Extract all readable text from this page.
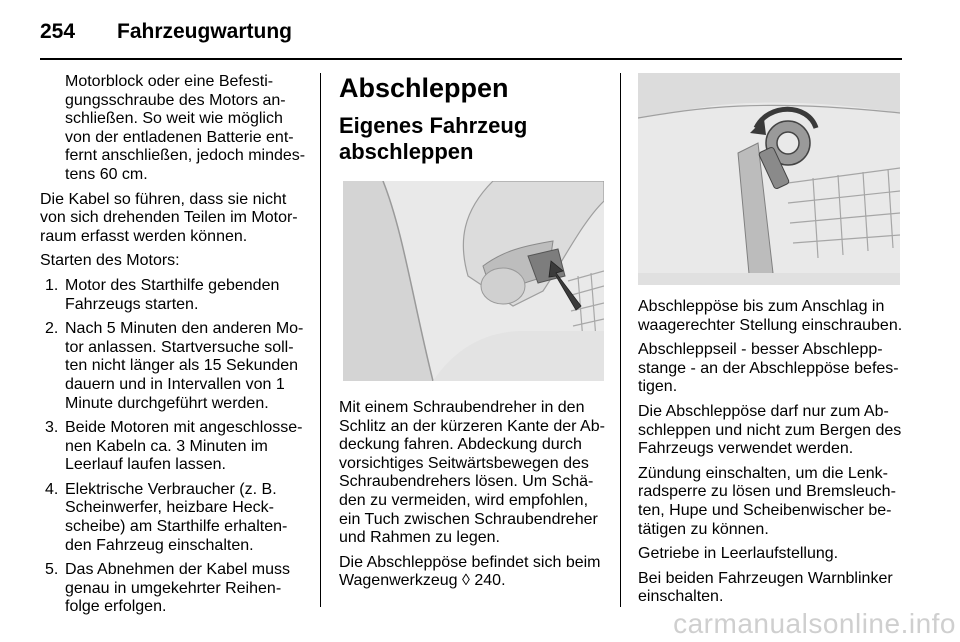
254 Fahrzeugwartung

Motorblock oder eine Befestigungsschraube des Motors anschließen. So weit wie möglich von der entladenen Batterie entfernt anschließen, jedoch mindestens 60 cm.

Die Kabel so führen, dass sie nicht von sich drehenden Teilen im Motorraum erfasst werden können.

Starten des Motors:

1. Motor des Starthilfe gebenden Fahrzeugs starten.
2. Nach 5 Minuten den anderen Motor anlassen. Startversuche sollten nicht länger als 15 Sekunden dauern und in Intervallen von 1 Minute durchgeführt werden.
3. Beide Motoren mit angeschlossenen Kabeln ca. 3 Minuten im Leerlauf laufen lassen.
4. Elektrische Verbraucher (z. B. Scheinwerfer, heizbare Heckscheibe) am Starthilfe erhaltenden Fahrzeug einschalten.
5. Das Abnehmen der Kabel muss genau in umgekehrter Reihenfolge erfolgen.
Abschleppen
Eigenes Fahrzeug abschleppen

Mit einem Schraubendreher in den Schlitz an der kürzeren Kante der Abdeckung fahren. Abdeckung durch vorsichtiges Seitwärtsbewegen des Schraubendrehers lösen. Um Schäden zu vermeiden, wird empfohlen, ein Tuch zwischen Schraubendreher und Rahmen zu legen.

Die Abschleppöse befindet sich beim Wagenwerkzeug ◊ 240.

Abschleppöse bis zum Anschlag in waagerechter Stellung einschrauben.

Abschleppseil - besser Abschleppstange - an der Abschleppöse befestigen.

Die Abschleppöse darf nur zum Abschleppen und nicht zum Bergen des Fahrzeugs verwendet werden.

Zündung einschalten, um die Lenkradsperre zu lösen und Bremsleuchten, Hupe und Scheibenwischer betätigen zu können.

Getriebe in Leerlaufstellung.

Bei beiden Fahrzeugen Warnblinker einschalten.

carmanualsonline.info
